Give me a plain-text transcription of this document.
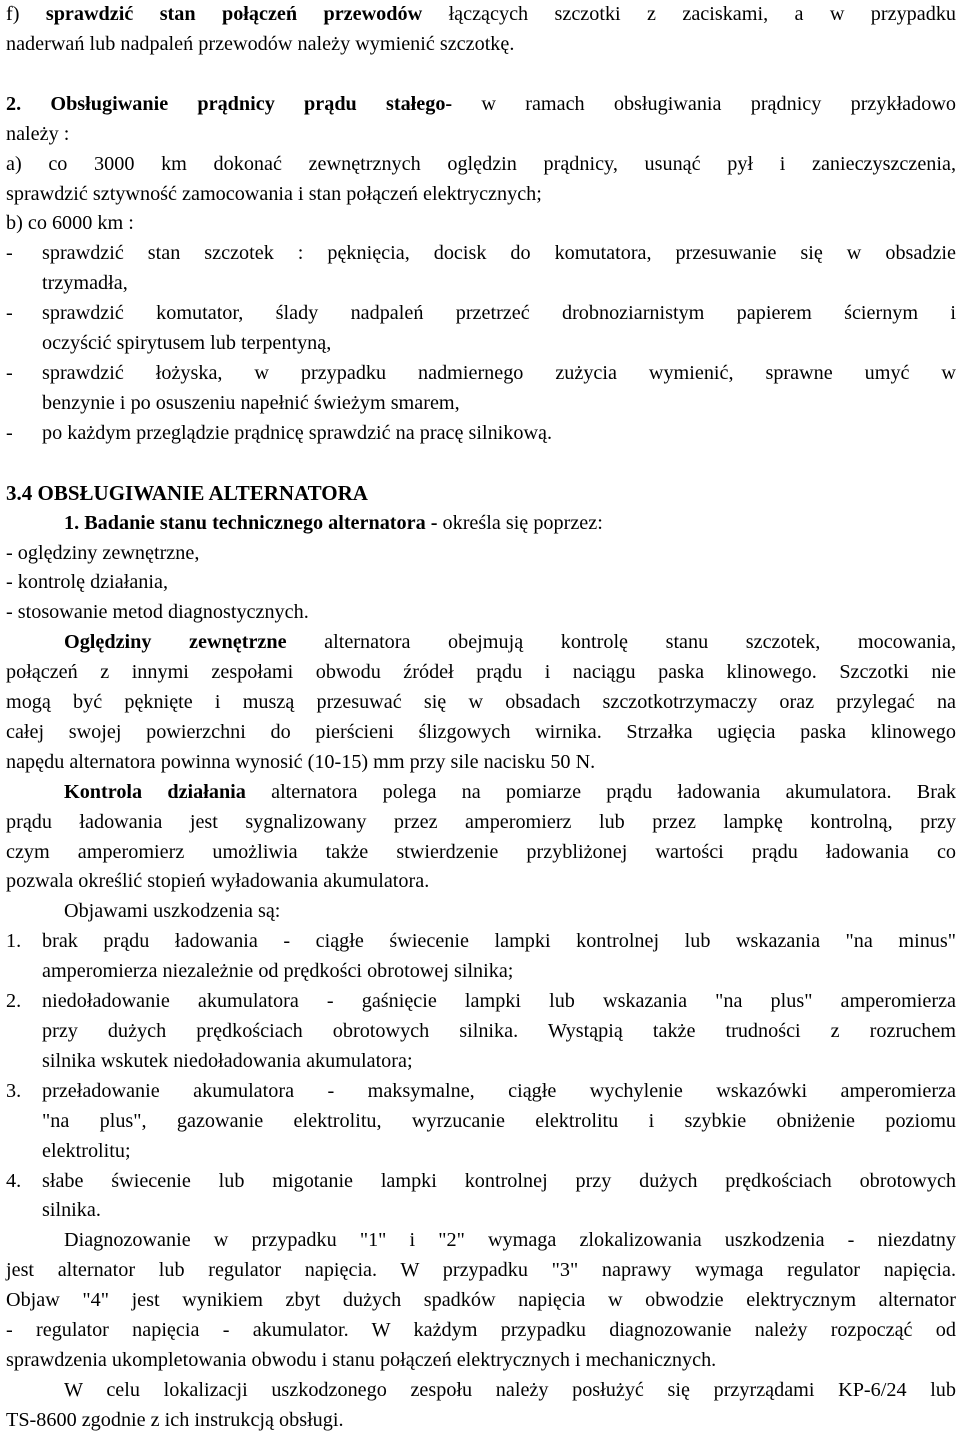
f) sprawdzić stan połączeń przewodów łączących szczotki z zaciskami, a w przypadku
naderwań lub nadpaleń przewodów należy wymienić szczotkę.
2. Obsługiwanie prądnicy prądu stałego- w ramach obsługiwania prądnicy przykładowo
należy :
a) co 3000 km dokonać zewnętrznych oględzin prądnicy, usunąć pył i zanieczyszczenia,
sprawdzić sztywność zamocowania i stan połączeń elektrycznych;
b) co 6000 km :
- sprawdzić stan szczotek : pęknięcia, docisk do komutatora, przesuwanie się w obsadzie
trzymadła,
- sprawdzić komutator, ślady nadpaleń przetrzeć drobnoziarnistym papierem ściernym i
oczyścić spirytusem lub terpentyną,
- sprawdzić łożyska, w przypadku nadmiernego zużycia wymienić, sprawne umyć w
benzynie i po osuszeniu napełnić świeżym smarem,
- po każdym przeglądzie prądnicę sprawdzić na pracę silnikową.
3.4 OBSŁUGIWANIE ALTERNATORA
1. Badanie stanu technicznego alternatora - określa się poprzez:
- oględziny zewnętrzne,
- kontrolę działania,
- stosowanie metod diagnostycznych.
Oględziny zewnętrzne alternatora obejmują kontrolę stanu szczotek, mocowania,
połączeń z innymi zespołami obwodu źródeł prądu i naciągu paska klinowego. Szczotki nie
mogą być pęknięte i muszą przesuwać się w obsadach szczotkotrzymaczy oraz przylegać na
całej swojej powierzchni do pierścieni ślizgowych wirnika. Strzałka ugięcia paska klinowego
napędu alternatora powinna wynosić (10-15) mm przy sile nacisku 50 N.
Kontrola działania alternatora polega na pomiarze prądu ładowania akumulatora. Brak
prądu ładowania jest sygnalizowany przez amperomierz lub przez lampkę kontrolną, przy
czym amperomierz umożliwia także stwierdzenie przybliżonej wartości prądu ładowania co
pozwala określić stopień wyładowania akumulatora.
Objawami uszkodzenia są:
1. brak prądu ładowania - ciągłe świecenie lampki kontrolnej lub wskazania "na minus"
amperomierza niezależnie od prędkości obrotowej silnika;
2. niedoładowanie akumulatora - gaśnięcie lampki lub wskazania "na plus" amperomierza
przy dużych prędkościach obrotowych silnika. Wystąpią także trudności z rozruchem
silnika wskutek niedoładowania akumulatora;
3. przeładowanie akumulatora - maksymalne, ciągłe wychylenie wskazówki amperomierza
"na plus", gazowanie elektrolitu, wyrzucanie elektrolitu i szybkie obniżenie poziomu
elektrolitu;
4. słabe świecenie lub migotanie lampki kontrolnej przy dużych prędkościach obrotowych
silnika.
Diagnozowanie w przypadku "1" i "2" wymaga zlokalizowania uszkodzenia - niezdatny
jest alternator lub regulator napięcia. W przypadku "3" naprawy wymaga regulator napięcia.
Objaw "4" jest wynikiem zbyt dużych spadków napięcia w obwodzie elektrycznym alternator
- regulator napięcia - akumulator. W każdym przypadku diagnozowanie należy rozpocząć od
sprawdzenia ukompletowania obwodu i stanu połączeń elektrycznych i mechanicznych.
W celu lokalizacji uszkodzonego zespołu należy posłużyć się przyrządami KP-6/24 lub
TS-8600 zgodnie z ich instrukcją obsługi.
